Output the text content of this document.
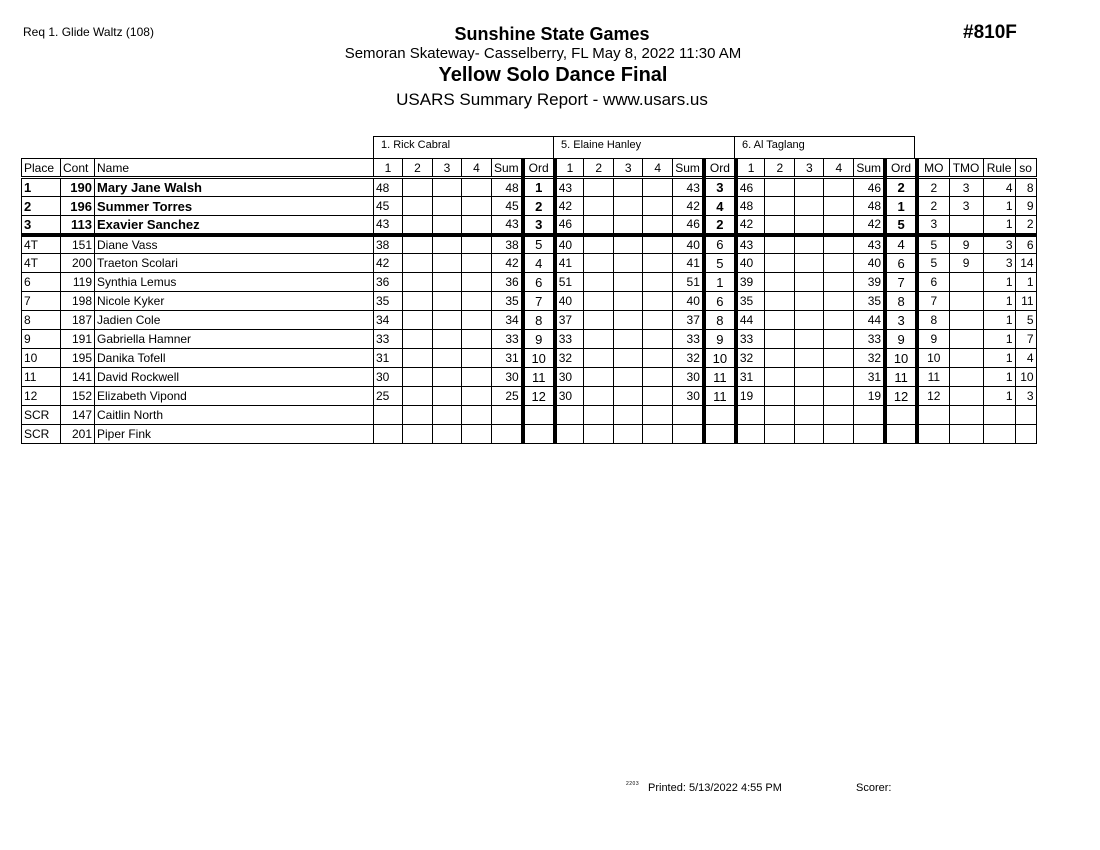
Req 1. Glide Waltz (108)	#810F
Sunshine State Games
Semoran Skateway- Casselberry, FL May 8, 2022 11:30 AM
Yellow Solo Dance Final
USARS Summary Report - www.usars.us
1. Rick Cabral	5. Elaine Hanley	6. Al Taglang
Place	Cont	Name	1	2	3	4	Sum	Ord	1	2	3	4	Sum	Ord	1	2	3	4	Sum	Ord	MO	TMO	Rule	so
1	190	Mary Jane Walsh	48				48	1	43				43	3	46				46	2	2	3	4	8
2	196	Summer Torres	45				45	2	42				42	4	48				48	1	2	3	1	9
3	113	Exavier Sanchez	43				43	3	46				46	2	42				42	5	3		1	2
4T	151	Diane Vass	38				38	5	40				40	6	43				43	4	5	9	3	6
4T	200	Traeton Scolari	42				42	4	41				41	5	40				40	6	5	9	3	14
6	119	Synthia Lemus	36				36	6	51				51	1	39				39	7	6		1	1
7	198	Nicole Kyker	35				35	7	40				40	6	35				35	8	7		1	11
8	187	Jadien Cole	34				34	8	37				37	8	44				44	3	8		1	5
9	191	Gabriella Hamner	33				33	9	33				33	9	33				33	9	9		1	7
10	195	Danika Tofell	31				31	10	32				32	10	32				32	10	10		1	4
11	141	David Rockwell	30				30	11	30				30	11	31				31	11	11		1	10
12	152	Elizabeth Vipond	25				25	12	30				30	11	19				19	12	12		1	3
SCR	147	Caitlin North																						
SCR	201	Piper Fink																						
2203 Printed: 5/13/2022 4:55 PM	Scorer:
